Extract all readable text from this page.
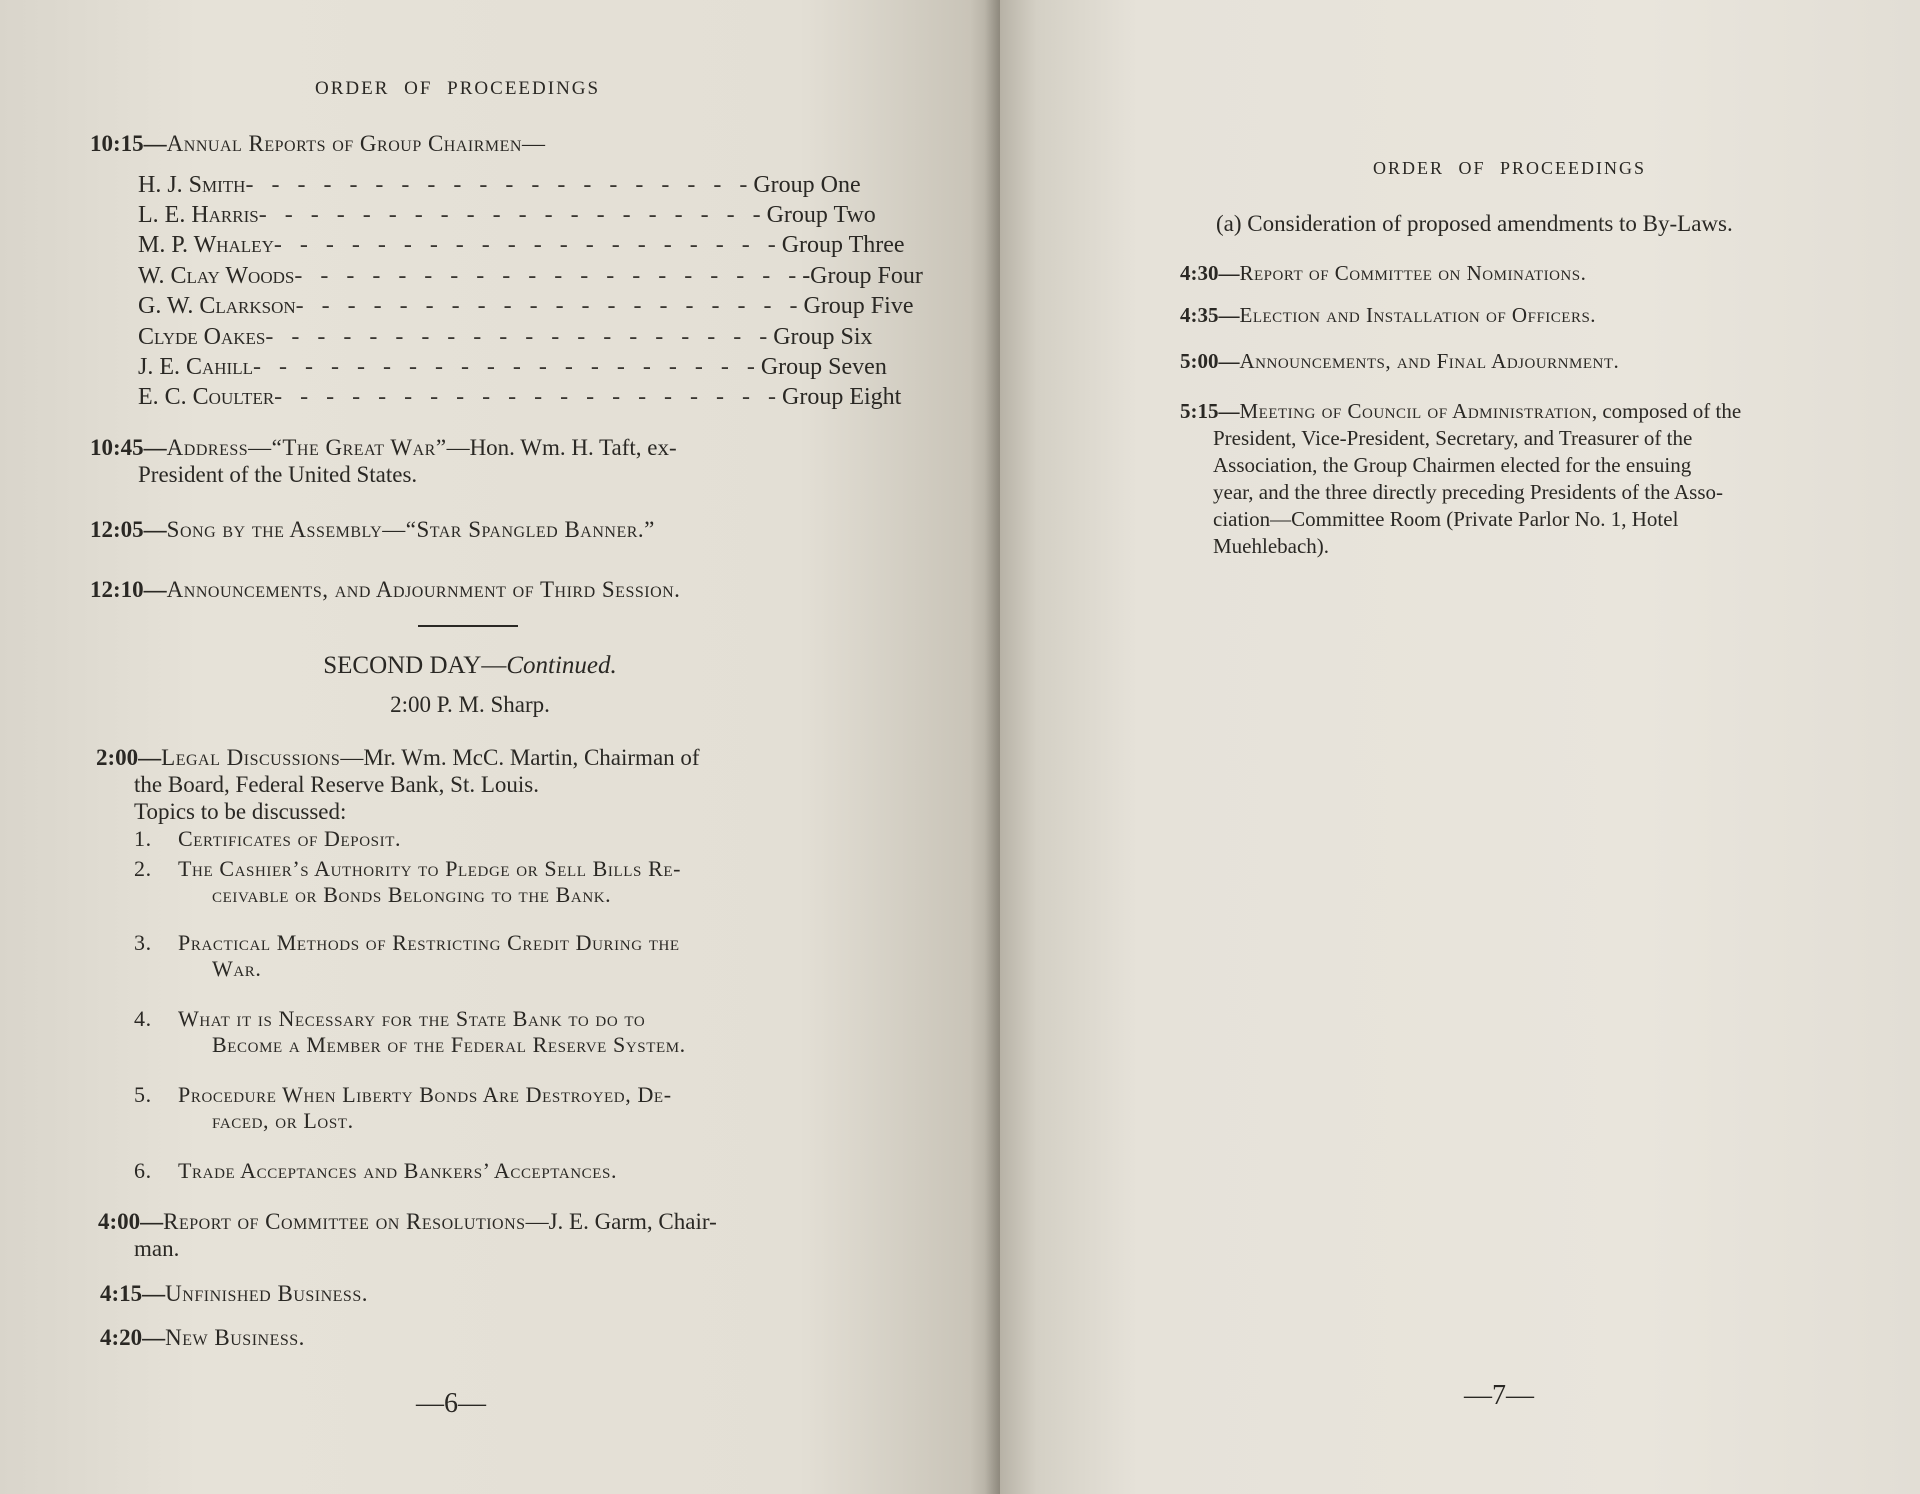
ORDER OF PROCEEDINGS
10:15—Annual Reports of Group Chairmen—
H. J. Smith - - - - - - - - - - - - - - - - - - - - Group One
L. E. Harris - - - - - - - - - - - - - - - - - - - - Group Two
M. P. Whaley - - - - - - - - - - - - - - - - - - - - Group Three
W. Clay Woods - - - - - - - - - - - - - - - - - - - - -Group Four
G. W. Clarkson - - - - - - - - - - - - - - - - - - - - Group Five
Clyde Oakes - - - - - - - - - - - - - - - - - - - - Group Six
J. E. Cahill - - - - - - - - - - - - - - - - - - - - Group Seven
E. C. Coulter - - - - - - - - - - - - - - - - - - - - Group Eight
10:45—Address—“The Great War”—Hon. Wm. H. Taft, ex-
President of the United States.
12:05—Song by the Assembly—“Star Spangled Banner.”
12:10—Announcements, and Adjournment of Third Session.
SECOND DAY—Continued.
2:00 P. M. Sharp.
2:00—Legal Discussions—Mr. Wm. McC. Martin, Chairman of
the Board, Federal Reserve Bank, St. Louis.
Topics to be discussed:
1.	Certificates of Deposit.
2.	The Cashier’s Authority to Pledge or Sell Bills Re-
ceivable or Bonds Belonging to the Bank.
3.	Practical Methods of Restricting Credit During the
War.
4.	What it is Necessary for the State Bank to do to
Become a Member of the Federal Reserve System.
5.	Procedure When Liberty Bonds Are Destroyed, De-
faced, or Lost.
6.	Trade Acceptances and Bankers’ Acceptances.
4:00—Report of Committee on Resolutions—J. E. Garm, Chair-
man.
4:15—Unfinished Business.
4:20—New Business.
—6—
ORDER OF PROCEEDINGS
(a) Consideration of proposed amendments to By-Laws.
4:30—Report of Committee on Nominations.
4:35—Election and Installation of Officers.
5:00—Announcements, and Final Adjournment.
5:15—Meeting of Council of Administration, composed of the
President, Vice-President, Secretary, and Treasurer of the
Association, the Group Chairmen elected for the ensuing
year, and the three directly preceding Presidents of the Asso-
ciation—Committee Room (Private Parlor No. 1, Hotel
Muehlebach).
—7—
